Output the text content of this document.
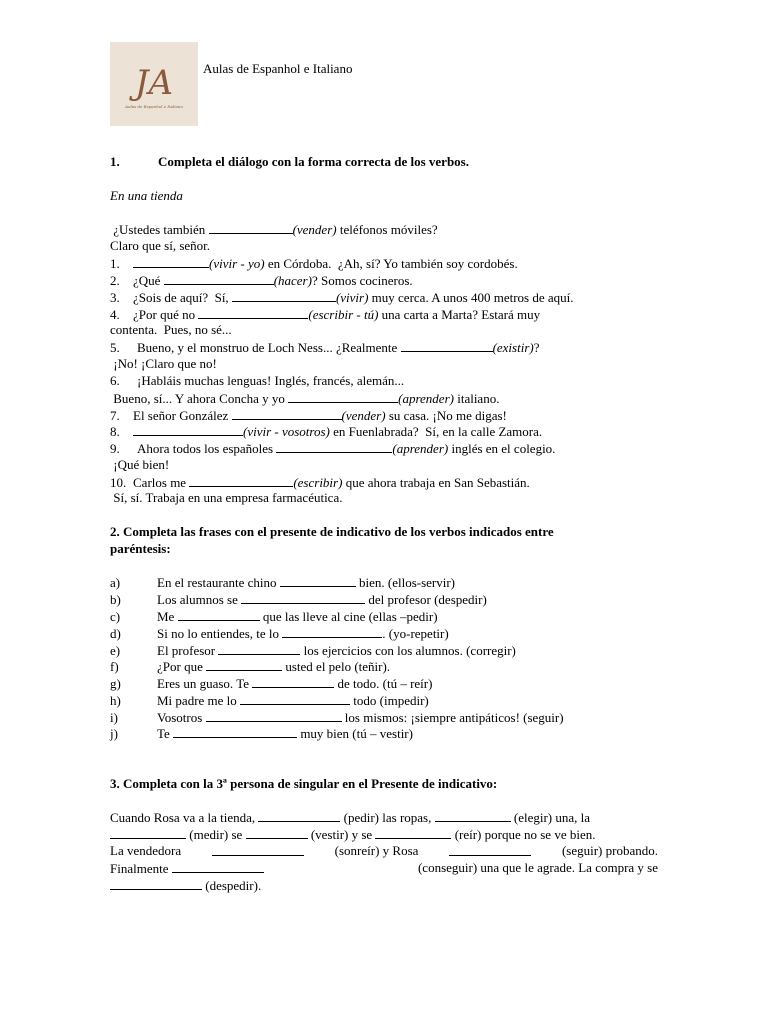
JA
Aulas de Espanhol e Italiano
Aulas de Espanhol e Italiano
1.	Completa el diálogo con la forma correcta de los verbos.
En una tienda
¿Ustedes también	(vender) teléfonos móviles?
Claro que sí, señor.
1.	(vivir - yo) en Córdoba.  ¿Ah, sí? Yo también soy cordobés.
2. ¿Qué	(hacer)? Somos cocineros.
3. ¿Sois de aquí?  Sí,	(vivir) muy cerca. A unos 400 metros de aquí.
4. ¿Por qué no	(escribir - tú) una carta a Marta? Estará muy
contenta.  Pues, no sé...
5. Bueno, y el monstruo de Loch Ness... ¿Realmente	(existir)?
¡No! ¡Claro que no!
6. ¡Habláis muchas lenguas! Inglés, francés, alemán...
Bueno, sí... Y ahora Concha y yo	(aprender) italiano.
7. El señor González	(vender) su casa. ¡No me digas!
8.	(vivir - vosotros) en Fuenlabrada?  Sí, en la calle Zamora.
9. Ahora todos los españoles	(aprender) inglés en el colegio.
¡Qué bien!
10. Carlos me	(escribir) que ahora trabaja en San Sebastián.
Sí, sí. Trabaja en una empresa farmacéutica.
2. Completa las frases con el presente de indicativo de los verbos indicados entre
paréntesis:
a)	En el restaurante chino	bien. (ellos-servir)
b)	Los alumnos se	del profesor (despedir)
c)	Me	que las lleve al cine (ellas –pedir)
d)	Si no lo entiendes, te lo	. (yo-repetir)
e)	El profesor	los ejercicios con los alumnos. (corregir)
f)	¿Por que	usted el pelo (teñir).
g)	Eres un guaso. Te	de todo. (tú – reír)
h)	Mi padre me lo	todo (impedir)
i)	Vosotros	los mismos: ¡siempre antipáticos! (seguir)
j)	Te	muy bien (tú – vestir)
3. Completa con la 3ª persona de singular en el Presente de indicativo:
Cuando Rosa va a la tienda,	(pedir) las ropas,	(elegir) una, la
(medir) se	(vestir) y se	(reír) porque no se ve bien.
La vendedora	(sonreír) y Rosa	(seguir) probando.
Finalmente	(conseguir) una que le agrade. La compra y se
(despedir).
